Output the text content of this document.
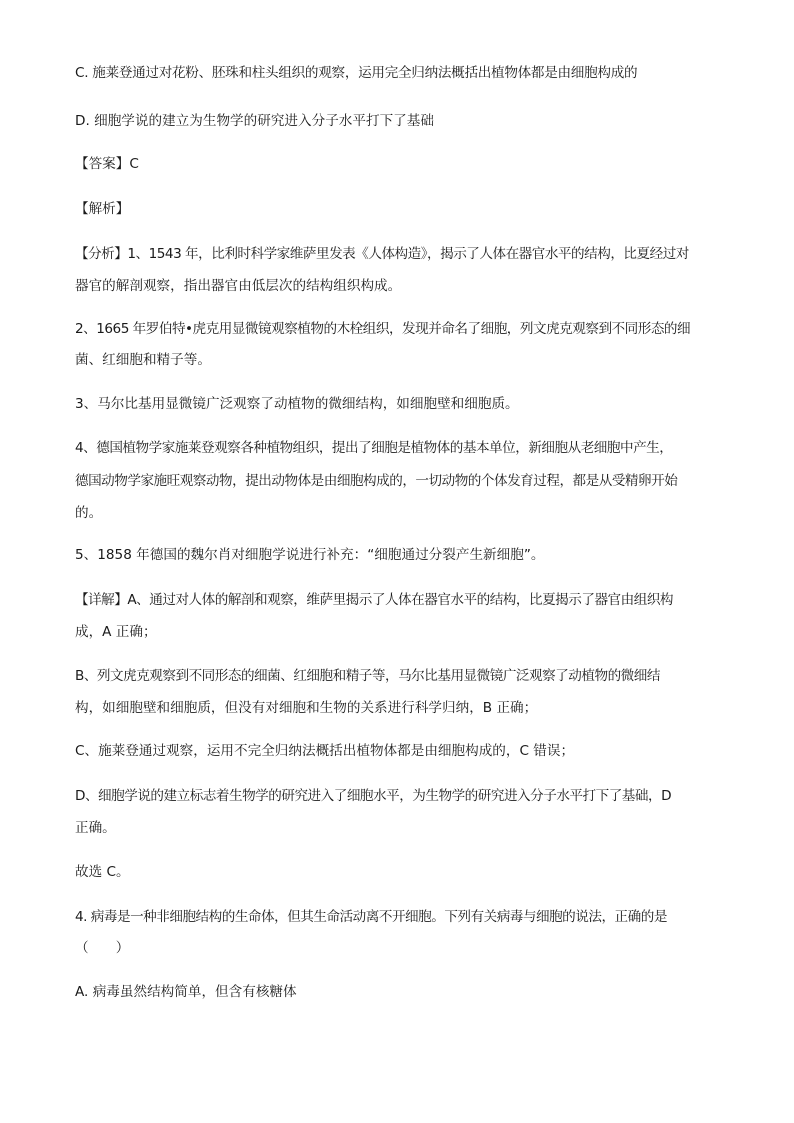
C. 施莱登通过对花粉、胚珠和柱头组织的观察，运用完全归纳法概括出植物体都是由细胞构成的
D. 细胞学说的建立为生物学的研究进入分子水平打下了基础
【答案】C
【解析】
【分析】1、1543 年，比利时科学家维萨里发表《人体构造》，揭示了人体在器官水平的结构，比夏经过对
器官的解剖观察，指出器官由低层次的结构组织构成。
2、1665 年罗伯特•虎克用显微镜观察植物的木栓组织，发现并命名了细胞，列文虎克观察到不同形态的细
菌、红细胞和精子等。
3、马尔比基用显微镜广泛观察了动植物的微细结构，如细胞壁和细胞质。
4、德国植物学家施莱登观察各种植物组织，提出了细胞是植物体的基本单位，新细胞从老细胞中产生，
德国动物学家施旺观察动物，提出动物体是由细胞构成的，一切动物的个体发育过程，都是从受精卵开始
的。
5、1858 年德国的魏尔肖对细胞学说进行补充：“细胞通过分裂产生新细胞”。
【详解】A、通过对人体的解剖和观察，维萨里揭示了人体在器官水平的结构，比夏揭示了器官由组织构
成，A 正确；
B、列文虎克观察到不同形态的细菌、红细胞和精子等，马尔比基用显微镜广泛观察了动植物的微细结
构，如细胞壁和细胞质，但没有对细胞和生物的关系进行科学归纳，B 正确；
C、施莱登通过观察，运用不完全归纳法概括出植物体都是由细胞构成的，C 错误；
D、细胞学说的建立标志着生物学的研究进入了细胞水平，为生物学的研究进入分子水平打下了基础，D
正确。
故选 C。
4. 病毒是一种非细胞结构的生命体，但其生命活动离不开细胞。下列有关病毒与细胞的说法，正确的是
（　　）
A. 病毒虽然结构简单，但含有核糖体
